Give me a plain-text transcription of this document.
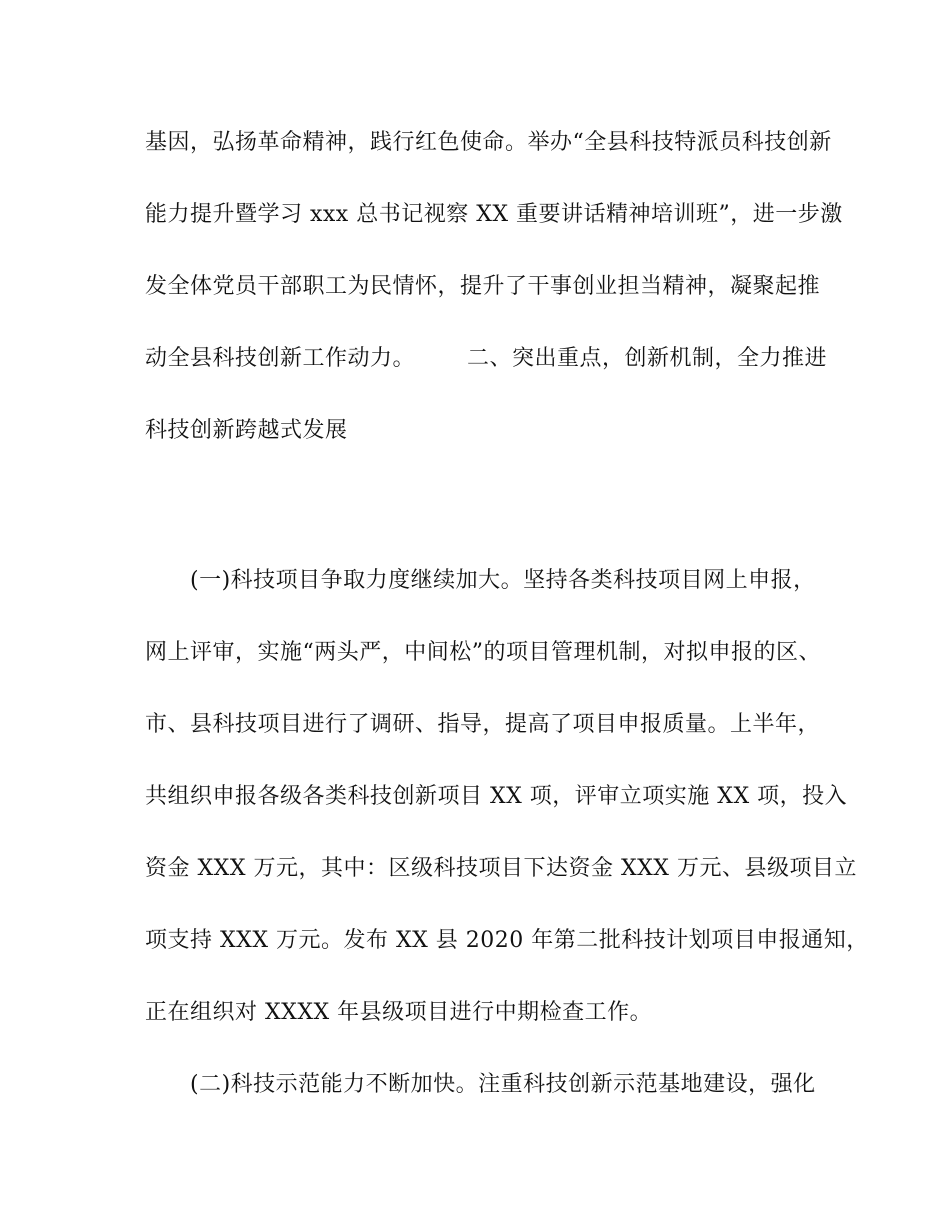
基因，弘扬革命精神，践行红色使命。举办“全县科技特派员科技创新
能力提升暨学习 xxx 总书记视察 XX 重要讲话精神培训班”，进一步激
发全体党员干部职工为民情怀，提升了干事创业担当精神，凝聚起推
动全县科技创新工作动力。 二、突出重点，创新机制，全力推进
科技创新跨越式发展
(一)科技项目争取力度继续加大。坚持各类科技项目网上申报，
网上评审，实施“两头严，中间松”的项目管理机制，对拟申报的区、
市、县科技项目进行了调研、指导，提高了项目申报质量。上半年，
共组织申报各级各类科技创新项目 XX 项，评审立项实施 XX 项，投入
资金 XXX 万元，其中：区级科技项目下达资金 XXX 万元、县级项目立
项支持 XXX 万元。发布 XX 县 2020 年第二批科技计划项目申报通知，
正在组织对 XXXX 年县级项目进行中期检查工作。
(二)科技示范能力不断加快。注重科技创新示范基地建设，强化
